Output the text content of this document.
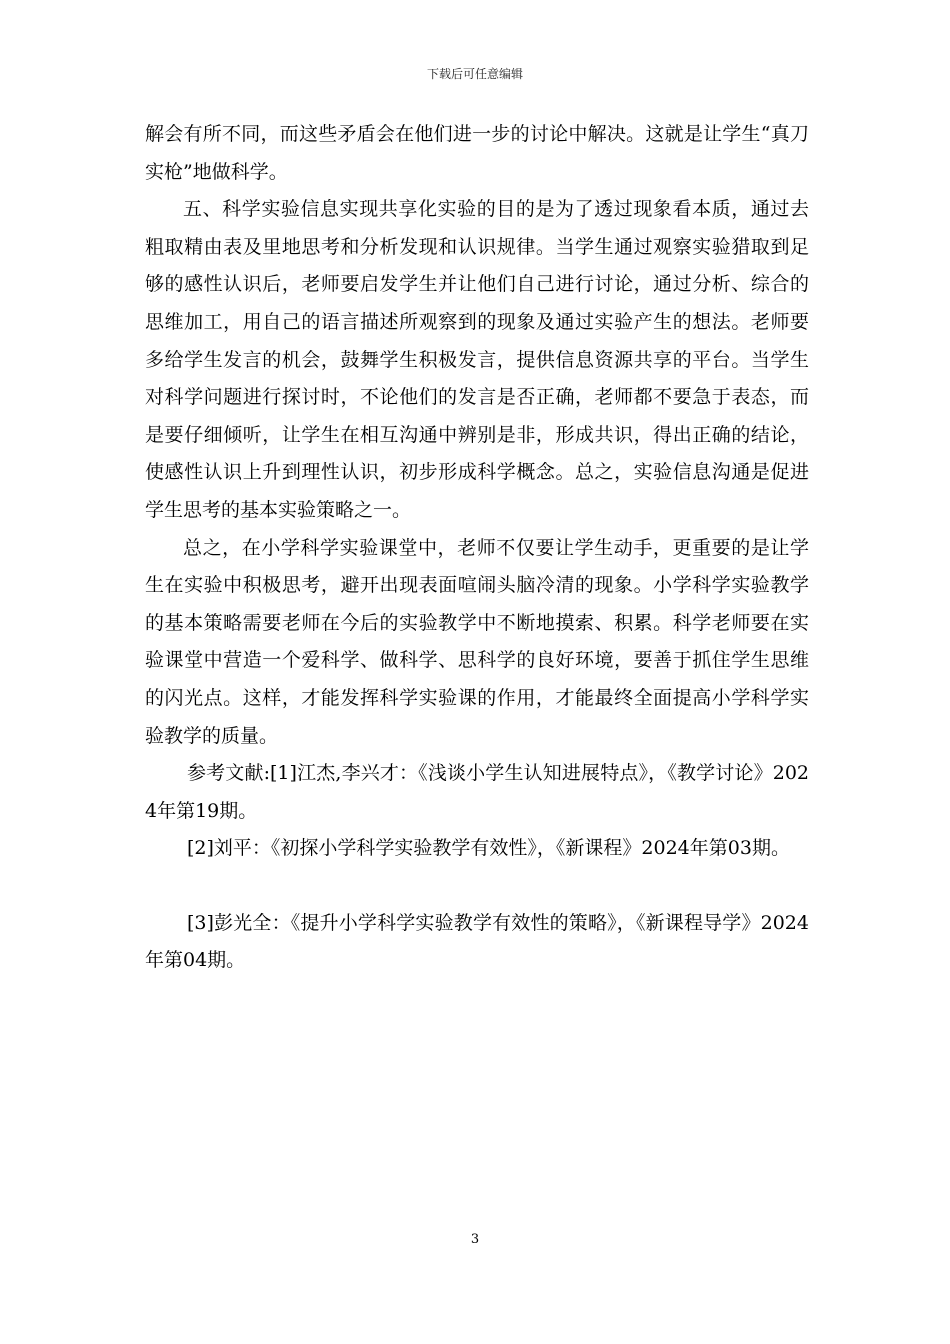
下载后可任意编辑

解会有所不同，而这些矛盾会在他们进一步的讨论中解决。这就是让学生“真刀实枪”地做科学。

五、科学实验信息实现共享化实验的目的是为了透过现象看本质，通过去粗取精由表及里地思考和分析发现和认识规律。当学生通过观察实验猎取到足够的感性认识后，老师要启发学生并让他们自己进行讨论，通过分析、综合的思维加工，用自己的语言描述所观察到的现象及通过实验产生的想法。老师要多给学生发言的机会，鼓舞学生积极发言，提供信息资源共享的平台。当学生对科学问题进行探讨时，不论他们的发言是否正确，老师都不要急于表态，而是要仔细倾听，让学生在相互沟通中辨别是非，形成共识，得出正确的结论，使感性认识上升到理性认识，初步形成科学概念。总之，实验信息沟通是促进学生思考的基本实验策略之一。

总之，在小学科学实验课堂中，老师不仅要让学生动手，更重要的是让学生在实验中积极思考，避开出现表面喧闹头脑冷清的现象。小学科学实验教学的基本策略需要老师在今后的实验教学中不断地摸索、积累。科学老师要在实验课堂中营造一个爱科学、做科学、思科学的良好环境，要善于抓住学生思维的闪光点。这样，才能发挥科学实验课的作用，才能最终全面提高小学科学实验教学的质量。

参考文献:[1]江杰,李兴才：《浅谈小学生认知进展特点》，《教学讨论》2024年第19期。

[2]刘平：《初探小学科学实验教学有效性》，《新课程》2024年第03期。

[3]彭光全：《提升小学科学实验教学有效性的策略》，《新课程导学》2024年第04期。

3
